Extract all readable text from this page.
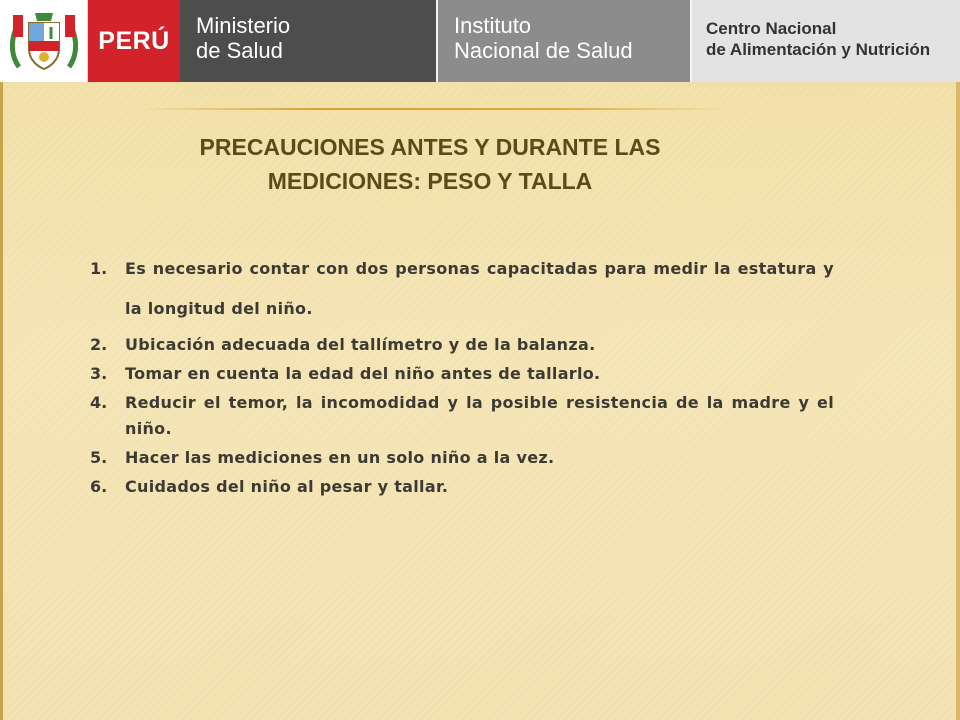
PERÚ
Ministerio
de Salud
Instituto
Nacional de Salud
Centro Nacional
de Alimentación y Nutrición
PRECAUCIONES ANTES Y DURANTE LAS
MEDICIONES: PESO Y TALLA
1.	Es necesario contar con dos personas capacitadas para medir la estatura y la longitud del niño.
2.	Ubicación adecuada del tallímetro y de la balanza.
3.	Tomar en cuenta la edad del niño antes de tallarlo.
4.	Reducir el temor, la incomodidad y la posible resistencia de la madre y el niño.
5.	Hacer las mediciones en un solo niño a la vez.
6.	Cuidados del niño al pesar y tallar.
